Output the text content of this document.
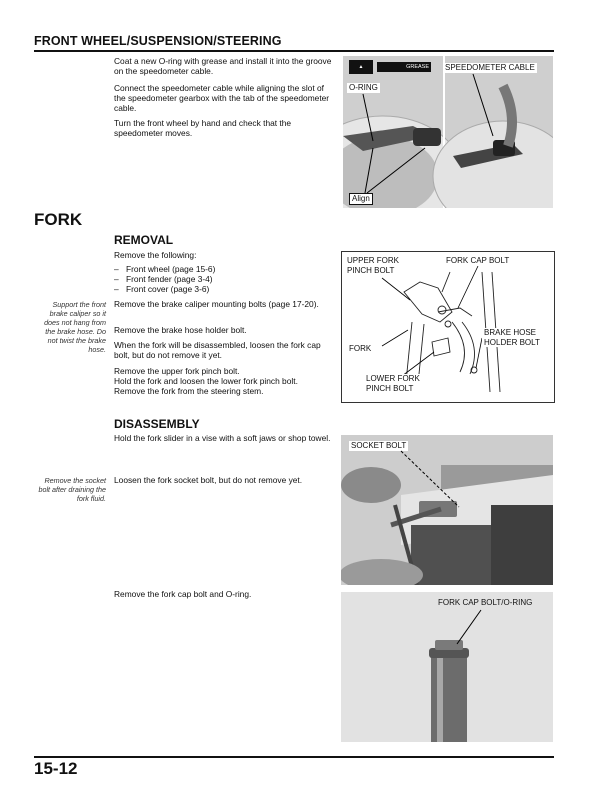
FRONT WHEEL/SUSPENSION/STEERING
Coat a new O-ring with grease and install it into the groove on the speedometer cable.
Connect the speedometer cable while aligning the slot of the speedometer gearbox with the tab of the speedometer cable.
Turn the front wheel by hand and check that the speedometer moves.
▲	GREASE
O-RING
SPEEDOMETER CABLE
Align
FORK
REMOVAL
Remove the following:
– Front wheel (page 15-6)
– Front fender (page 3-4)
– Front cover (page 3-6)
Support the front brake caliper so it does not hang from the brake hose. Do not twist the brake hose.
Remove the brake caliper mounting bolts (page 17-20).
Remove the brake hose holder bolt.
When the fork will be disassembled, loosen the fork cap bolt, but do not remove it yet.
Remove the upper fork pinch bolt.
Hold the fork and loosen the lower fork pinch bolt.
Remove the fork from the steering stem.
UPPER FORK
PINCH BOLT
FORK CAP BOLT
FORK
BRAKE HOSE
HOLDER BOLT
LOWER FORK
PINCH BOLT
DISASSEMBLY
Hold the fork slider in a vise with a soft jaws or shop towel.
Remove the socket bolt after draining the fork fluid.
Loosen the fork socket bolt, but do not remove yet.
SOCKET BOLT
Remove the fork cap bolt and O-ring.
FORK CAP BOLT/O-RING
15-12
